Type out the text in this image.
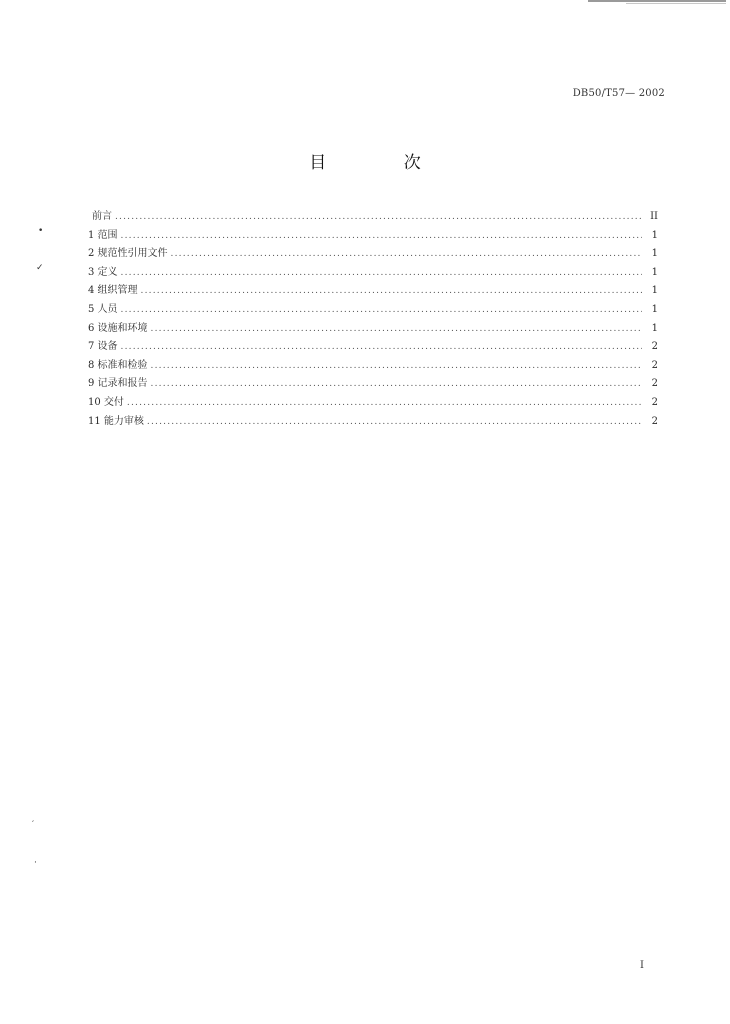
DB50/T57— 2002
目 次
前言 .....	II
1 范围 .....	1
2 规范性引用文件 .....	1
3 定义 .....	1
4 组织管理 .....	1
5 人员 .....	1
6 设施和环境 .....	1
7 设备 .....	2
8 标准和检验 .....	2
9 记录和报告 .....	2
10 交付 .....	2
11 能力审核 .....	2
•
✓
′
·
I
